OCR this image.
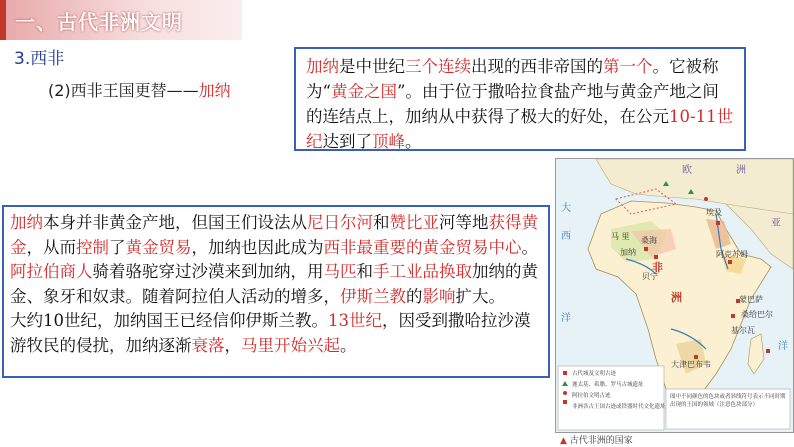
一、古代非洲文明
3.西非
(2)西非王国更替——加纳
加纳是中世纪三个连续出现的西非帝国的第一个。它被称为“黄金之国”。由于位于撒哈拉食盐产地与黄金产地之间的连结点上，加纳从中获得了极大的好处，在公元10-11世纪达到了顶峰。
加纳本身并非黄金产地，但国王们设法从尼日尔河和赞比亚河等地获得黄金，从而控制了黄金贸易，加纳也因此成为西非最重要的黄金贸易中心。阿拉伯商人骑着骆驼穿过沙漠来到加纳，用马匹和手工业品换取加纳的黄金、象牙和奴隶。随着阿拉伯人活动的增多，伊斯兰教的影响扩大。
大约10世纪，加纳国王已经信仰伊斯兰教。13世纪，因受到撒哈拉沙漠游牧民的侵扰，加纳逐渐衰落，马里开始兴起。
欧	洲
亚
非
洲
大
西
洋
洋
马 里 桑海
加纳
埃及
阿克苏姆
贝宁
蒙巴萨
桑给巴尔
基尔瓦
大津巴布韦
古代城及文明古迹
迦太基、希腊、罗马古城遗址
阿拉伯文明古迹
非洲各古王国古迹或铁器时代文化遗址
图中不同颜色的色块或者斜线符号表示不同时期出现的王国的领域（注意色块部分）
▲ 古代非洲的国家
